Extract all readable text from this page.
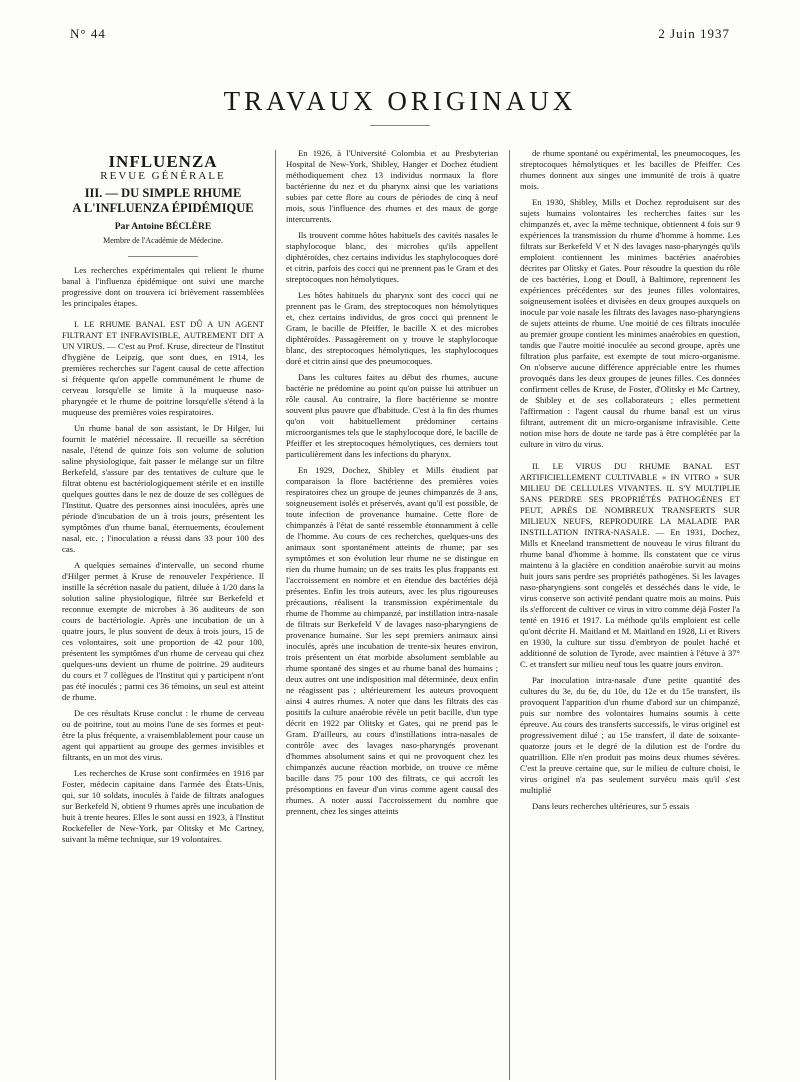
N° 44	2 Juin 1937
TRAVAUX ORIGINAUX
INFLUENZA
REVUE GÉNÉRALE
III. — DU SIMPLE RHUME
A L'INFLUENZA ÉPIDÉMIQUE
Par Antoine BÉCLÈRE
Membre de l'Académie de Médecine.

Les recherches expérimentales qui relient le rhume banal à l'influenza épidémique ont suivi une marche progressive dont on trouvera ici brièvement rassemblées les principales étapes.

I. LE RHUME BANAL EST DÛ A UN AGENT FILTRANT ET INFRAVISIBLE, AUTREMENT DIT A UN VIRUS. — C'est au Prof. Kruse, directeur de l'Institut d'hygiène de Leipzig, que sont dues, en 1914, les premières recherches sur l'agent causal de cette affection si fréquente qu'on appelle communément le rhume de cerveau lorsqu'elle se limite à la muqueuse naso-pharyngée et le rhume de poitrine lorsqu'elle s'étend à la muqueuse des premières voies respiratoires.

Un rhume banal de son assistant, le Dr Hilger, lui fournit le matériel nécessaire. Il recueille sa sécrétion nasale, l'étend de quinze fois son volume de solution saline physiologique, fait passer le mélange sur un filtre Berkefeld, s'assure par des tentatives de culture que le filtrat obtenu est bactériologiquement stérile et en instille quelques gouttes dans le nez de douze de ses collègues de l'Institut. Quatre des personnes ainsi inoculées, après une période d'incubation de un à trois jours, présentent les symptômes d'un rhume banal, éternuements, écoulement nasal, etc. ; l'inoculation a réussi dans 33 pour 100 des cas.

A quelques semaines d'intervalle, un second rhume d'Hilger permet à Kruse de renouveler l'expérience. Il instille la sécrétion nasale du patient, diluée à 1/20 dans la solution saline physiologique, filtrée sur Berkefeld et reconnue exempte de microbes à 36 auditeurs de son cours de bactériologie. Après une incubation de un à quatre jours, le plus souvent de deux à trois jours, 15 de ces volontaires, soit une proportion de 42 pour 100, présentent les symptômes d'un rhume de cerveau qui chez quelques-uns devient un rhume de poitrine. 29 auditeurs du cours et 7 collègues de l'Institut qui y participent n'ont pas été inoculés ; parmi ces 36 témoins, un seul est atteint de rhume.

De ces résultats Kruse conclut : le rhume de cerveau ou de poitrine, tout au moins l'une de ses formes et peut-être la plus fréquente, a vraisemblablement pour cause un agent qui appartient au groupe des germes invisibles et filtrants, en un mot des virus.

Les recherches de Kruse sont confirmées en 1916 par Foster, médecin capitaine dans l'armée des États-Unis, qui, sur 10 soldats, inoculés à l'aide de filtrats analogues sur Berkefeld N, obtient 9 rhumes après une incubation de huit à trente heures. Elles le sont aussi en 1923, à l'Institut Rockefeller de New-York, par Olitsky et Mc Cartney, suivant la même technique, sur 19 volontaires.

En 1926, à l'Université Colombia et au Presbyterian Hospital de New-York, Shibley, Hanger et Dochez étudient méthodiquement chez 13 individus normaux la flore bactérienne du nez et du pharynx ainsi que les variations subies par cette flore au cours de périodes de cinq à neuf mois, sous l'influence des rhumes et des maux de gorge intercurrents.

Ils trouvent comme hôtes habituels des cavités nasales le staphylocoque blanc, des microbes qu'ils appellent diphtéroïdes, chez certains individus les staphylocoques doré et citrin, parfois des cocci qui ne prennent pas le Gram et des streptocoques non hémolytiques.

Les hôtes habituels du pharynx sont des cocci qui ne prennent pas le Gram, des streptocoques non hémolytiques et, chez certains individus, de gros cocci qui prennent le Gram, le bacille de Pfeiffer, le bacille X et des microbes diphtéroïdes. Passagèrement on y trouve le staphylocoque blanc, des streptocoques hémolytiques, les staphylocoques doré et citrin ainsi que des pneumocoques.

Dans les cultures faites au début des rhumes, aucune bactérie ne prédomine au point qu'on puisse lui attribuer un rôle causal. Au contraire, la flore bactérienne se montre souvent plus pauvre que d'habitude. C'est à la fin des rhumes qu'on voit habituellement prédominer certains microorganismes tels que le staphylocoque doré, le bacille de Pfeiffer et les streptocoques hémolytiques, ces derniers tout particulièrement dans les infections du pharynx.

En 1929, Dochez, Shibley et Mills étudient par comparaison la flore bactérienne des premières voies respiratoires chez un groupe de jeunes chimpanzés de 3 ans, soigneusement isolés et préservés, avant qu'il est possible, de toute infection de provenance humaine. Cette flore de chimpanzés à l'état de santé ressemble étonnamment à celle de l'homme. Au cours de ces recherches, quelques-uns des animaux sont spontanément atteints de rhume; par ses symptômes et son évolution leur rhume ne se distingue en rien du rhume humain; un de ses traits les plus frappants est l'accroissement en nombre et en étendue des bactéries déjà présentes. Enfin les trois auteurs, avec les plus rigoureuses précautions, réalisent la transmission expérimentale du rhume de l'homme au chimpanzé, par instillation intra-nasale de filtrats sur Berkefeld V de lavages naso-pharyngiens de provenance humaine. Sur les sept premiers animaux ainsi inoculés, après une incubation de trente-six heures environ, trois présentent un état morbide absolument semblable au rhume spontané des singes et au rhume banal des humains ; deux autres ont une indisposition mal déterminée, deux enfin ne réagissent pas ; ultérieurement les auteurs provoquent ainsi 4 autres rhumes. A noter que dans les filtrats des cas positifs la culture anaérobie révèle un petit bacille, d'un type décrit en 1922 par Olitsky et Gates, qui ne prend pas le Gram. D'ailleurs, au cours d'instillations intra-nasales de contrôle avec des lavages naso-pharyngés provenant d'hommes absolument sains et qui ne provoquent chez les chimpanzés aucune réaction morbide, on trouve ce même bacille dans 75 pour 100 des filtrats, ce qui accroît les présomptions en faveur d'un virus comme agent causal des rhumes. A noter aussi l'accroissement du nombre que prennent, chez les singes atteints

de rhume spontané ou expérimental, les pneumocoques, les streptocoques hémolytiques et les bacilles de Pfeiffer. Ces rhumes donnent aux singes une immunité de trois à quatre mois.

En 1930, Shibley, Mills et Dochez reproduisent sur des sujets humains volontaires les recherches faites sur les chimpanzés et, avec la même technique, obtiennent 4 fois sur 9 expériences la transmission du rhume d'homme à homme. Les filtrats sur Berkefeld V et N des lavages naso-pharyngés qu'ils emploient contiennent les minimes bactéries anaérobies décrites par Olitsky et Gates. Pour résoudre la question du rôle de ces bactéries, Long et Doull, à Baltimore, reprennent les expériences précédentes sur des jeunes filles volontaires, soigneusement isolées et divisées en deux groupes auxquels on inocule par voie nasale les filtrats des lavages naso-pharyngiens de sujets atteints de rhume. Une moitié de ces filtrats inoculée au premier groupe contient les minimes anaérobies en question, tandis que l'autre moitié inoculée au second groupe, après une filtration plus parfaite, est exempte de tout micro-organisme. On n'observe aucune différence appréciable entre les rhumes provoqués dans les deux groupes de jeunes filles. Ces données confirment celles de Kruse, de Foster, d'Olitsky et Mc Cartney, de Shibley et de ses collaborateurs ; elles permettent l'affirmation : l'agent causal du rhume banal est un virus filtrant, autrement dit un micro-organisme infravisible. Cette notion mise hors de doute ne tarde pas à être complétée par la culture in vitro du virus.

II. LE VIRUS DU RHUME BANAL EST ARTIFICIELLEMENT CULTIVABLE « IN VITRO » SUR MILIEU DE CELLULES VIVANTES. IL S'Y MULTIPLIE SANS PERDRE SES PROPRIÉTÉS PATHOGÈNES ET PEUT, APRÈS DE NOMBREUX TRANSFERTS SUR MILIEUX NEUFS, REPRODUIRE LA MALADIE PAR INSTILLATION INTRA-NASALE. — En 1931, Dochez, Mills et Kneeland transmettent de nouveau le virus filtrant du rhume banal d'homme à homme. Ils constatent que ce virus maintenu à la glacière en condition anaérobie survit au moins huit jours sans perdre ses propriétés pathogènes. Si les lavages naso-pharyngiens sont congelés et desséchés dans le vide, le virus conserve son activité pendant quatre mois au moins. Puis ils s'efforcent de cultiver ce virus in vitro comme déjà Foster l'a tenté en 1916 et 1917. La méthode qu'ils emploient est celle qu'ont décrite H. Maitland et M. Maitland en 1928, Li et Rivers en 1930, la culture sur tissu d'embryon de poulet haché et additionné de solution de Tyrode, avec maintien à l'étuve à 37° C. et transfert sur milieu neuf tous les quatre jours environ.

Par inoculation intra-nasale d'une petite quantité des cultures du 3e, du 6e, du 10e, du 12e et du 15e transfert, ils provoquent l'apparition d'un rhume d'abord sur un chimpanzé, puis sur nombre des volontaires humains soumis à cette épreuve. Au cours des transferts successifs, le virus originel est progressivement dilué ; au 15e transfert, il date de soixante-quatorze jours et le degré de la dilution est de l'ordre du quatrillion. Elle n'en produit pas moins deux rhumes sévères. C'est la preuve certaine que, sur le milieu de culture choisi, le virus originel n'a pas seulement survécu mais qu'il s'est multiplié

Dans leurs recherches ultérieures, sur 5 essais
